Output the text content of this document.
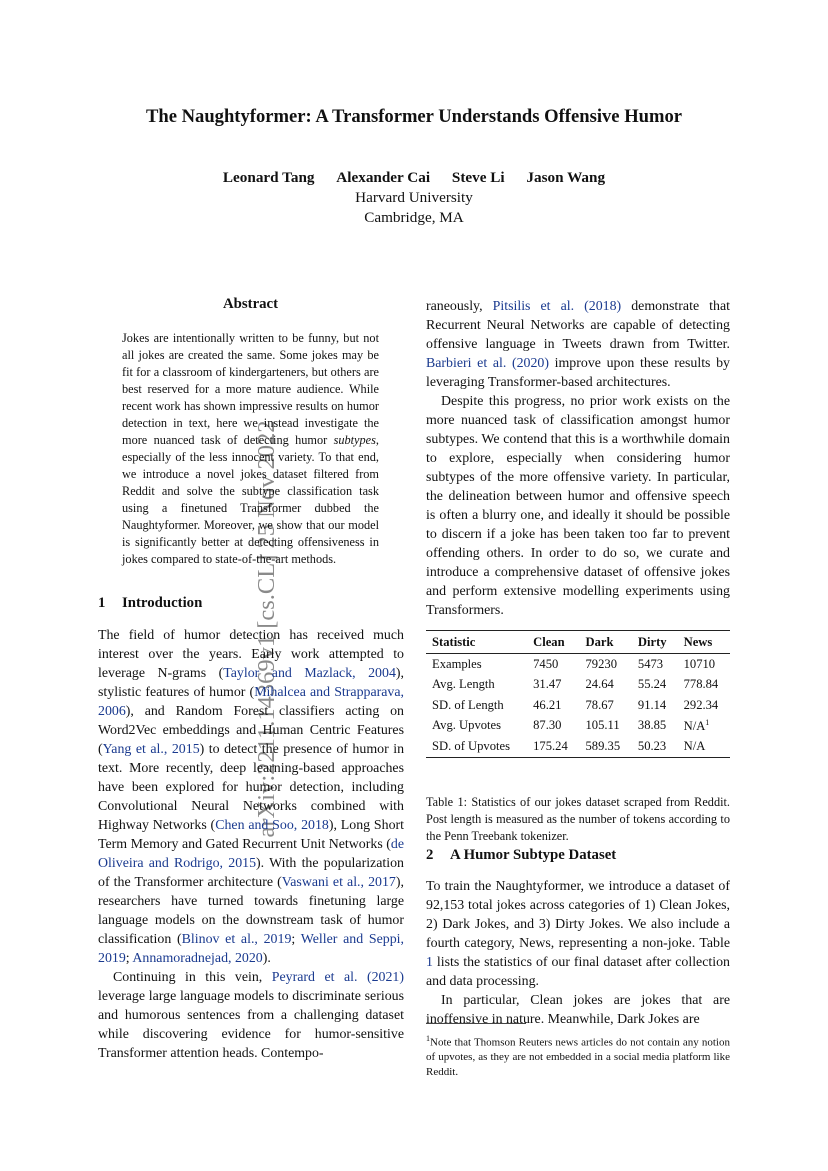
arXiv:2211.14369v1 [cs.CL] 25 Nov 2022
The Naughtyformer: A Transformer Understands Offensive Humor
Leonard Tang Alexander Cai Steve Li Jason Wang
Harvard University
Cambridge, MA
Abstract
Jokes are intentionally written to be funny, but not all jokes are created the same. Some jokes may be fit for a classroom of kindergarteners, but others are best reserved for a more mature audience. While recent work has shown impressive results on humor detection in text, here we instead investigate the more nuanced task of detecting humor subtypes, especially of the less innocent variety. To that end, we introduce a novel jokes dataset filtered from Reddit and solve the subtype classification task using a finetuned Transformer dubbed the Naughtyformer. Moreover, we show that our model is significantly better at detecting offensiveness in jokes compared to state-of-the-art methods.
1 Introduction

The field of humor detection has received much interest over the years. Early work attempted to leverage N-grams (Taylor and Mazlack, 2004), stylistic features of humor (Mihalcea and Strapparava, 2006), and Random Forest classifiers acting on Word2Vec embeddings and Human Centric Features (Yang et al., 2015) to detect the presence of humor in text. More recently, deep learning-based approaches have been explored for humor detection, including Convolutional Neural Networks combined with Highway Networks (Chen and Soo, 2018), Long Short Term Memory and Gated Recurrent Unit Networks (de Oliveira and Rodrigo, 2015). With the popularization of the Transformer architecture (Vaswani et al., 2017), researchers have turned towards finetuning large language models on the downstream task of humor classification (Blinov et al., 2019; Weller and Seppi, 2019; Annamoradnejad, 2020).

Continuing in this vein, Peyrard et al. (2021) leverage large language models to discriminate serious and humorous sentences from a challenging dataset while discovering evidence for humor-sensitive Transformer attention heads. Contempo-

raneously, Pitsilis et al. (2018) demonstrate that Recurrent Neural Networks are capable of detecting offensive language in Tweets drawn from Twitter. Barbieri et al. (2020) improve upon these results by leveraging Transformer-based architectures.

Despite this progress, no prior work exists on the more nuanced task of classification amongst humor subtypes. We contend that this is a worthwhile domain to explore, especially when considering humor subtypes of the more offensive variety. In particular, the delineation between humor and offensive speech is often a blurry one, and ideally it should be possible to discern if a joke has been taken too far to prevent offending others. In order to do so, we curate and introduce a comprehensive dataset of offensive jokes and perform extensive modelling experiments using Transformers.

Statistic	Clean	Dark	Dirty	News
Examples	7450	79230	5473	10710
Avg. Length	31.47	24.64	55.24	778.84
SD. of Length	46.21	78.67	91.14	292.34
Avg. Upvotes	87.30	105.11	38.85	$N/A^1$
SD. of Upvotes	175.24	589.35	50.23	N/A
Table 1: Statistics of our jokes dataset scraped from Reddit. Post length is measured as the number of tokens according to the Penn Treebank tokenizer.
2 A Humor Subtype Dataset

To train the Naughtyformer, we introduce a dataset of 92,153 total jokes across categories of 1) Clean Jokes, 2) Dark Jokes, and 3) Dirty Jokes. We also include a fourth category, News, representing a non-joke. Table 1 lists the statistics of our final dataset after collection and data processing.

In particular, Clean jokes are jokes that are inoffensive in nature. Meanwhile, Dark Jokes are

$^1$Note that Thomson Reuters news articles do not contain any notion of upvotes, as they are not embedded in a social media platform like Reddit.
